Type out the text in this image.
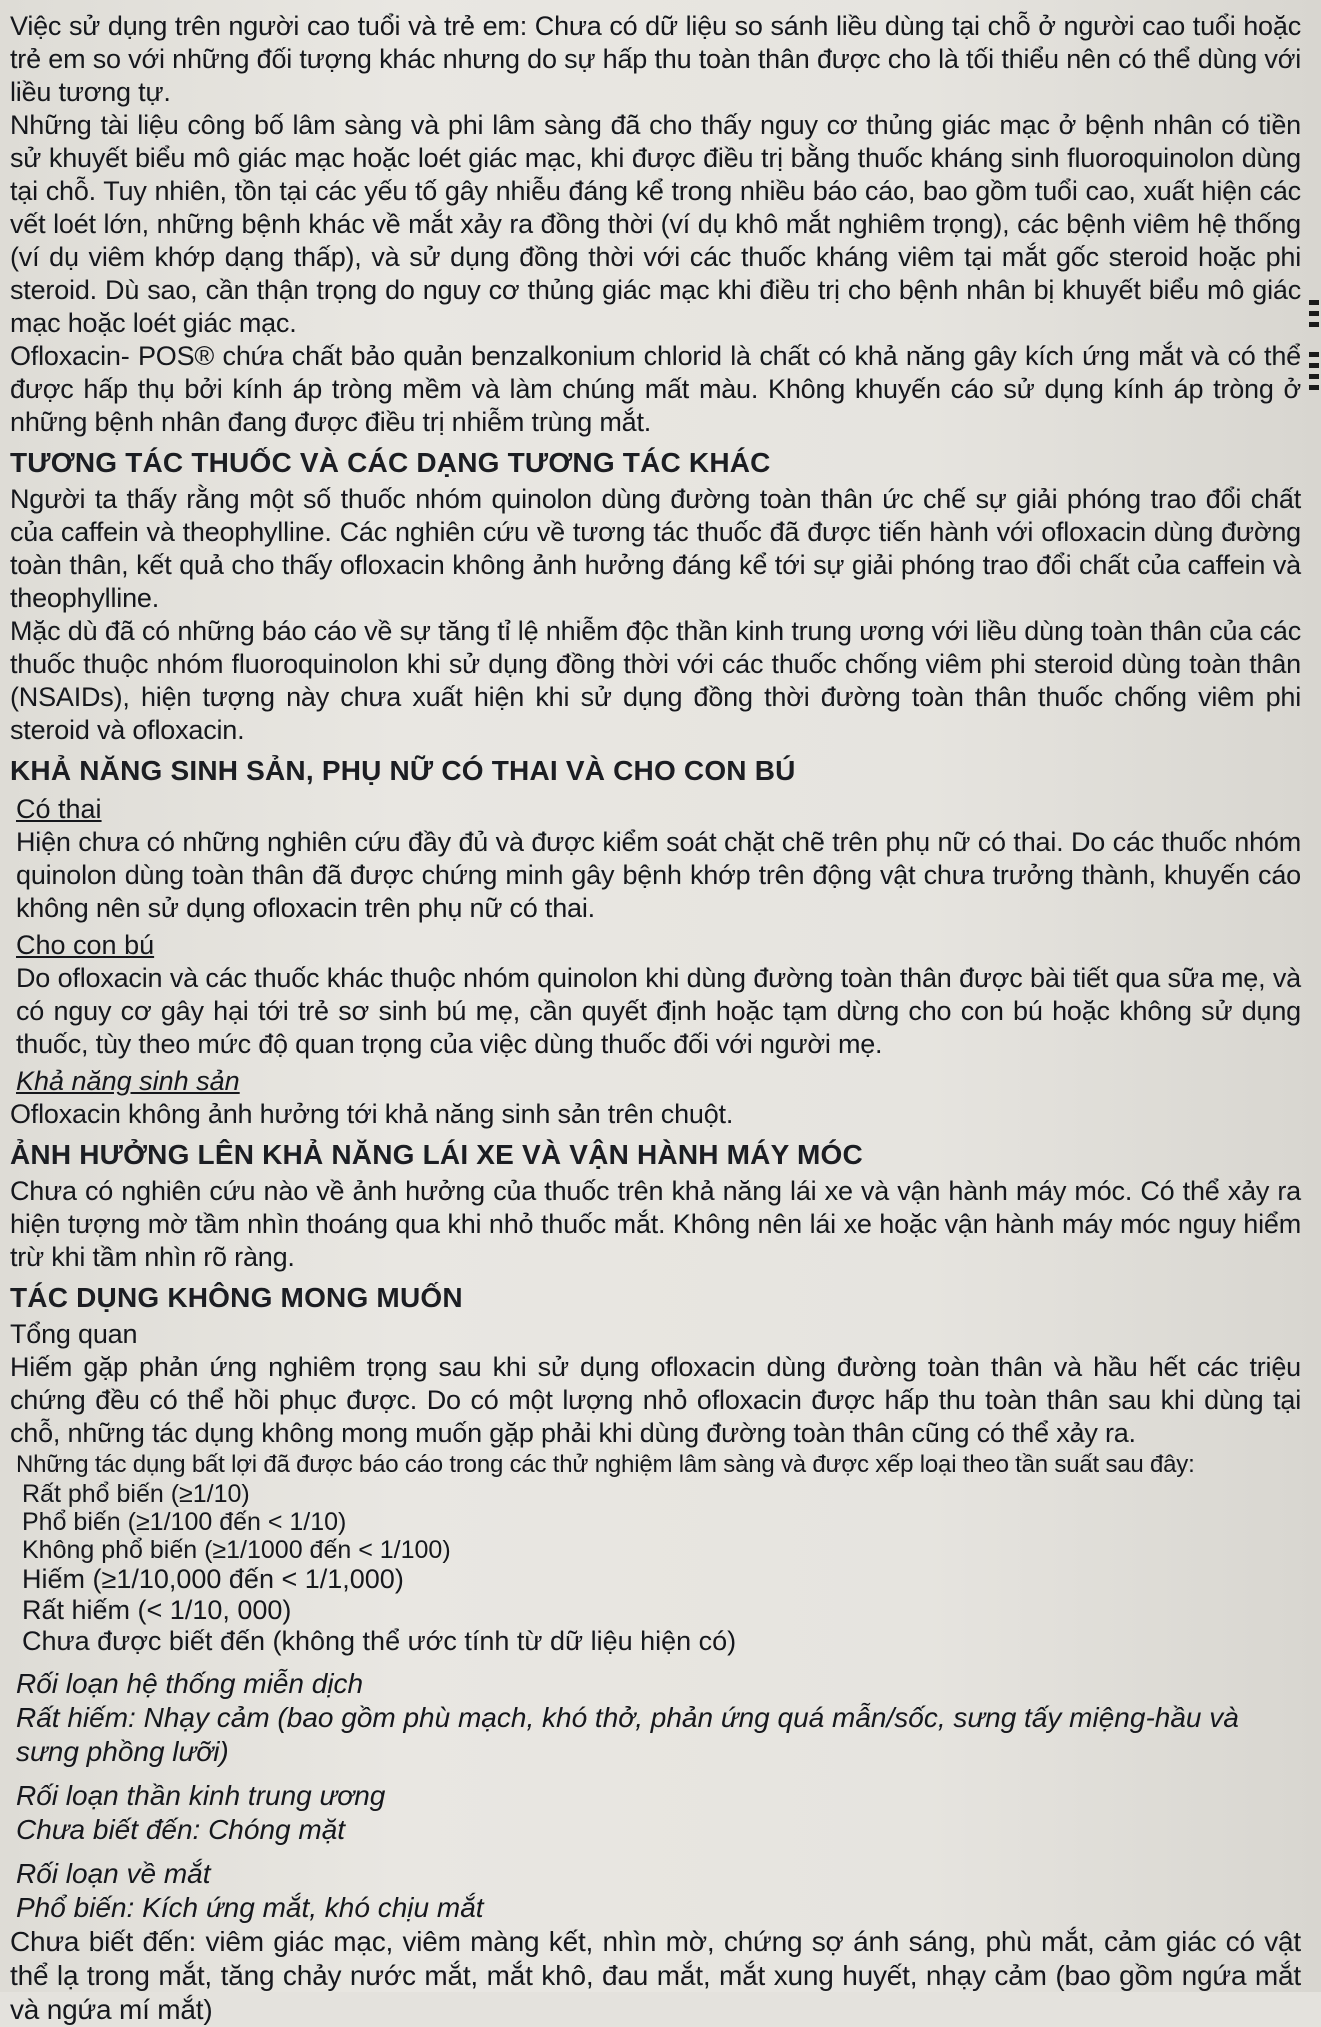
Việc sử dụng trên người cao tuổi và trẻ em: Chưa có dữ liệu so sánh liều dùng tại chỗ ở người cao tuổi hoặc trẻ em so với những đối tượng khác nhưng do sự hấp thu toàn thân được cho là tối thiểu nên có thể dùng với liều tương tự.

Những tài liệu công bố lâm sàng và phi lâm sàng đã cho thấy nguy cơ thủng giác mạc ở bệnh nhân có tiền sử khuyết biểu mô giác mạc hoặc loét giác mạc, khi được điều trị bằng thuốc kháng sinh fluoroquinolon dùng tại chỗ. Tuy nhiên, tồn tại các yếu tố gây nhiễu đáng kể trong nhiều báo cáo, bao gồm tuổi cao, xuất hiện các vết loét lớn, những bệnh khác về mắt xảy ra đồng thời (ví dụ khô mắt nghiêm trọng), các bệnh viêm hệ thống (ví dụ viêm khớp dạng thấp), và sử dụng đồng thời với các thuốc kháng viêm tại mắt gốc steroid hoặc phi steroid. Dù sao, cần thận trọng do nguy cơ thủng giác mạc khi điều trị cho bệnh nhân bị khuyết biểu mô giác mạc hoặc loét giác mạc.

Ofloxacin- POS® chứa chất bảo quản benzalkonium chlorid là chất có khả năng gây kích ứng mắt và có thể được hấp thụ bởi kính áp tròng mềm và làm chúng mất màu. Không khuyến cáo sử dụng kính áp tròng ở những bệnh nhân đang được điều trị nhiễm trùng mắt.

TƯƠNG TÁC THUỐC VÀ CÁC DẠNG TƯƠNG TÁC KHÁC

Người ta thấy rằng một số thuốc nhóm quinolon dùng đường toàn thân ức chế sự giải phóng trao đổi chất của caffein và theophylline. Các nghiên cứu về tương tác thuốc đã được tiến hành với ofloxacin dùng đường toàn thân, kết quả cho thấy ofloxacin không ảnh hưởng đáng kể tới sự giải phóng trao đổi chất của caffein và theophylline.

Mặc dù đã có những báo cáo về sự tăng tỉ lệ nhiễm độc thần kinh trung ương với liều dùng toàn thân của các thuốc thuộc nhóm fluoroquinolon khi sử dụng đồng thời với các thuốc chống viêm phi steroid dùng toàn thân (NSAIDs), hiện tượng này chưa xuất hiện khi sử dụng đồng thời đường toàn thân thuốc chống viêm phi steroid và ofloxacin.

KHẢ NĂNG SINH SẢN, PHỤ NỮ CÓ THAI VÀ CHO CON BÚ
Có thai

Hiện chưa có những nghiên cứu đầy đủ và được kiểm soát chặt chẽ trên phụ nữ có thai. Do các thuốc nhóm quinolon dùng toàn thân đã được chứng minh gây bệnh khớp trên động vật chưa trưởng thành, khuyến cáo không nên sử dụng ofloxacin trên phụ nữ có thai.

Cho con bú

Do ofloxacin và các thuốc khác thuộc nhóm quinolon khi dùng đường toàn thân được bài tiết qua sữa mẹ, và có nguy cơ gây hại tới trẻ sơ sinh bú mẹ, cần quyết định hoặc tạm dừng cho con bú hoặc không sử dụng thuốc, tùy theo mức độ quan trọng của việc dùng thuốc đối với người mẹ.

Khả năng sinh sản

Ofloxacin không ảnh hưởng tới khả năng sinh sản trên chuột.

ẢNH HƯỞNG LÊN KHẢ NĂNG LÁI XE VÀ VẬN HÀNH MÁY MÓC

Chưa có nghiên cứu nào về ảnh hưởng của thuốc trên khả năng lái xe và vận hành máy móc. Có thể xảy ra hiện tượng mờ tầm nhìn thoáng qua khi nhỏ thuốc mắt. Không nên lái xe hoặc vận hành máy móc nguy hiểm trừ khi tầm nhìn rõ ràng.

TÁC DỤNG KHÔNG MONG MUỐN
Tổng quan

Hiếm gặp phản ứng nghiêm trọng sau khi sử dụng ofloxacin dùng đường toàn thân và hầu hết các triệu chứng đều có thể hồi phục được. Do có một lượng nhỏ ofloxacin được hấp thu toàn thân sau khi dùng tại chỗ, những tác dụng không mong muốn gặp phải khi dùng đường toàn thân cũng có thể xảy ra.

Những tác dụng bất lợi đã được báo cáo trong các thử nghiệm lâm sàng và được xếp loại theo tần suất sau đây:

Rất phổ biến (≥1/10)
Phổ biến (≥1/100 đến < 1/10)
Không phổ biến (≥1/1000 đến < 1/100)
Hiếm (≥1/10,000 đến < 1/1,000)
Rất hiếm (< 1/10, 000)
Chưa được biết đến (không thể ước tính từ dữ liệu hiện có)
Rối loạn hệ thống miễn dịch
Rất hiếm: Nhạy cảm (bao gồm phù mạch, khó thở, phản ứng quá mẫn/sốc, sưng tấy miệng-hầu và sưng phồng lưỡi)
Rối loạn thần kinh trung ương
Chưa biết đến: Chóng mặt
Rối loạn về mắt
Phổ biến: Kích ứng mắt, khó chịu mắt

Chưa biết đến: viêm giác mạc, viêm màng kết, nhìn mờ, chứng sợ ánh sáng, phù mắt, cảm giác có vật thể lạ trong mắt, tăng chảy nước mắt, mắt khô, đau mắt, mắt xung huyết, nhạy cảm (bao gồm ngứa mắt và ngứa mí mắt)
